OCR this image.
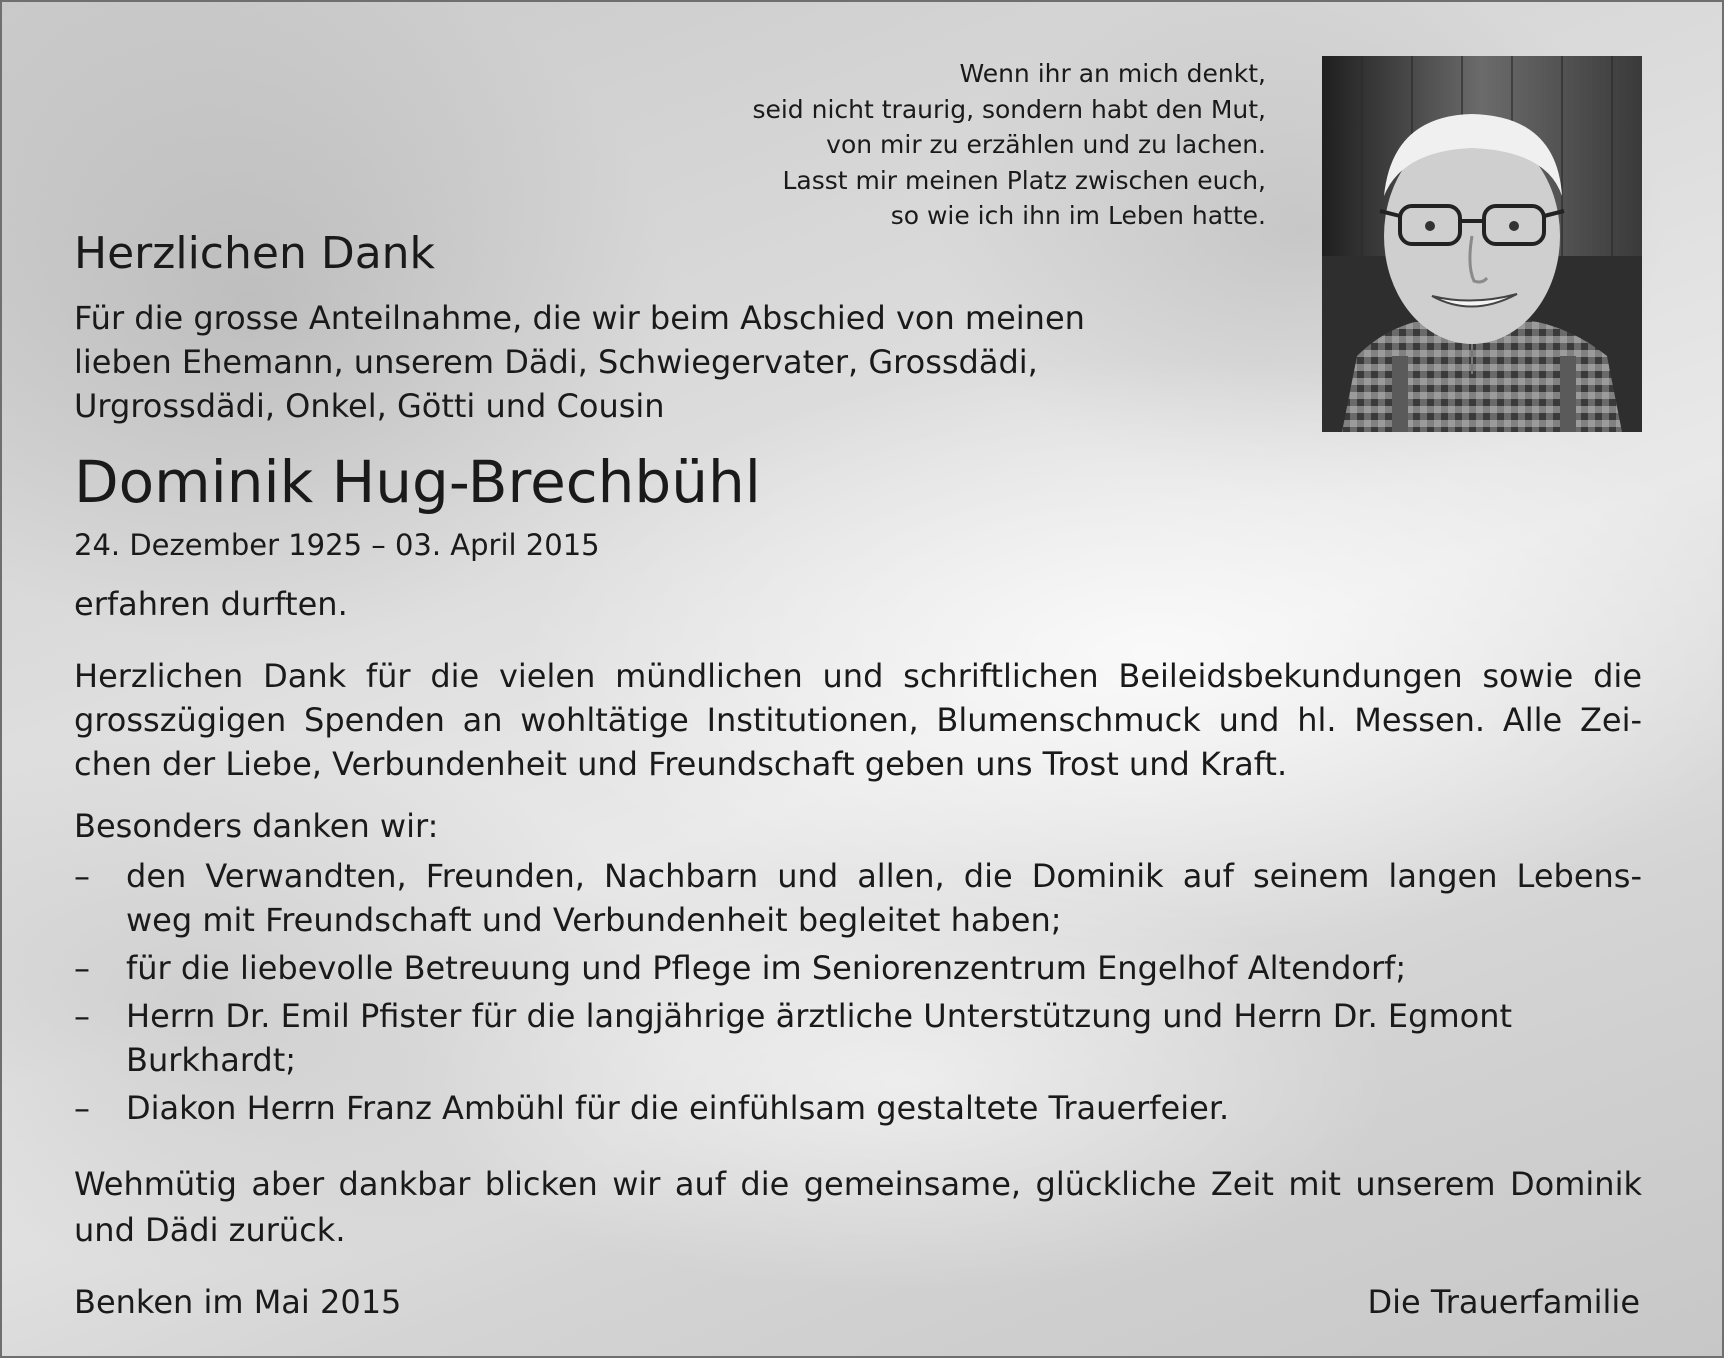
Wenn ihr an mich denkt,
seid nicht traurig, sondern habt den Mut,
von mir zu erzählen und zu lachen.
Lasst mir meinen Platz zwischen euch,
so wie ich ihn im Leben hatte.
Herzlichen Dank
Für die grosse Anteilnahme, die wir beim Abschied von meinen
lieben Ehemann, unserem Dädi, Schwiegervater, Grossdädi,
Urgrossdädi, Onkel, Götti und Cousin
Dominik Hug-Brechbühl
24. Dezember 1925 – 03. April 2015
erfahren durften.
Herzlichen Dank für die vielen mündlichen und schriftlichen Beileidsbekundungen sowie die
grosszügigen Spenden an wohltätige Institutionen, Blumenschmuck und hl. Messen. Alle Zei-
chen der Liebe, Verbundenheit und Freundschaft geben uns Trost und Kraft.
Besonders danken wir:
– den Verwandten, Freunden, Nachbarn und allen, die Dominik auf seinem langen Lebens-
weg mit Freundschaft und Verbundenheit begleitet haben;
– für die liebevolle Betreuung und Pflege im Seniorenzentrum Engelhof Altendorf;
– Herrn Dr. Emil Pfister für die langjährige ärztliche Unterstützung und Herrn Dr. Egmont
Burkhardt;
– Diakon Herrn Franz Ambühl für die einfühlsam gestaltete Trauerfeier.
Wehmütig aber dankbar blicken wir auf die gemeinsame, glückliche Zeit mit unserem Dominik
und Dädi zurück.
Benken im Mai 2015	Die Trauerfamilie
